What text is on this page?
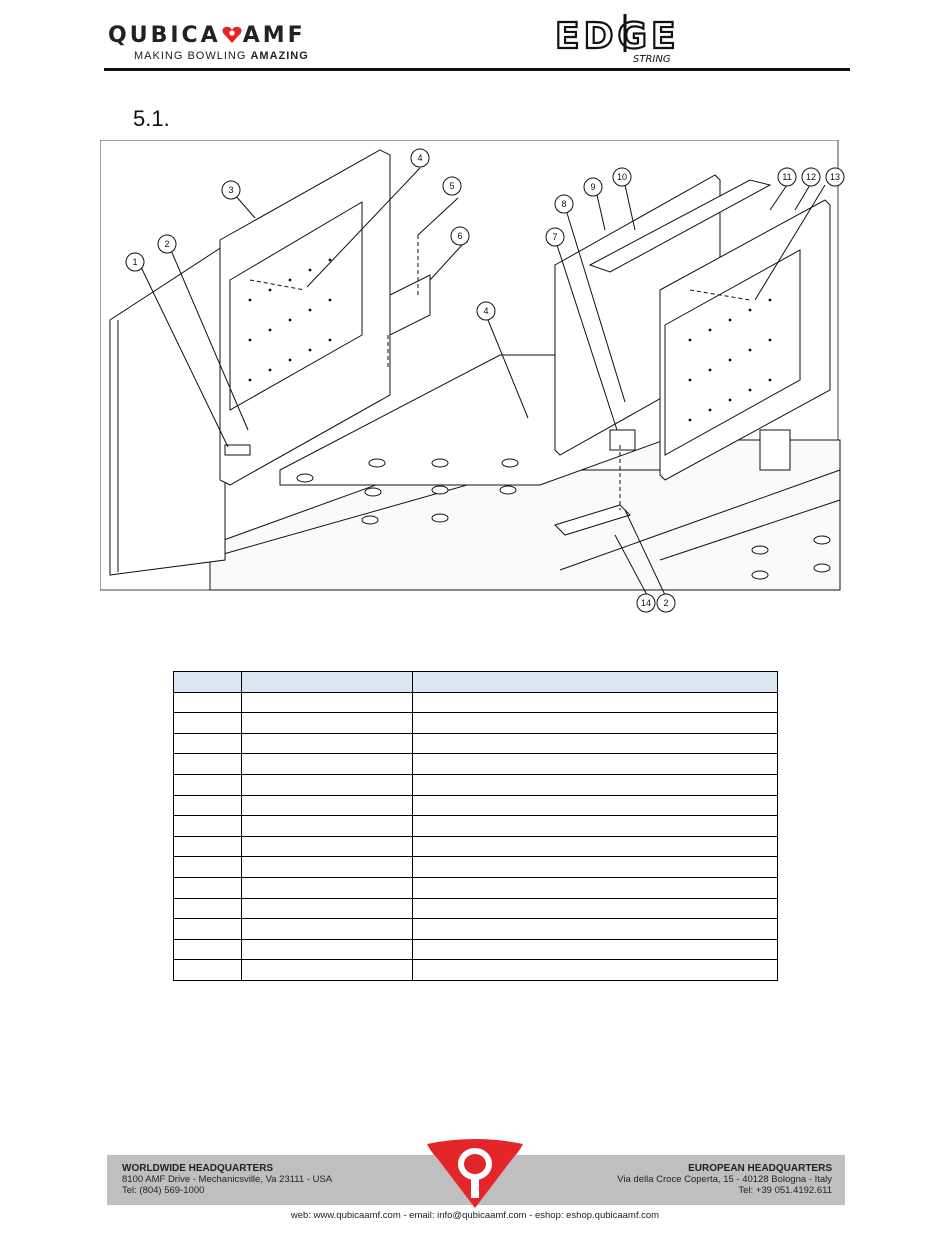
QUBICA AMF
MAKING BOWLING AMAZING	EDGE
STRING
5.1.
1
2
3
4
5
6
4
7
8
9
10	11 12 13
14 2

WORLDWIDE HEADQUARTERS
8100 AMF Drive - Mechanicsville, Va 23111 - USA
Tel: (804) 569-1000
EUROPEAN HEADQUARTERS
Via della Croce Coperta, 15 - 40128 Bologna - Italy
Tel: +39 051.4192.611
web: www.qubicaamf.com - email: info@qubicaamf.com - eshop: eshop.qubicaamf.com
